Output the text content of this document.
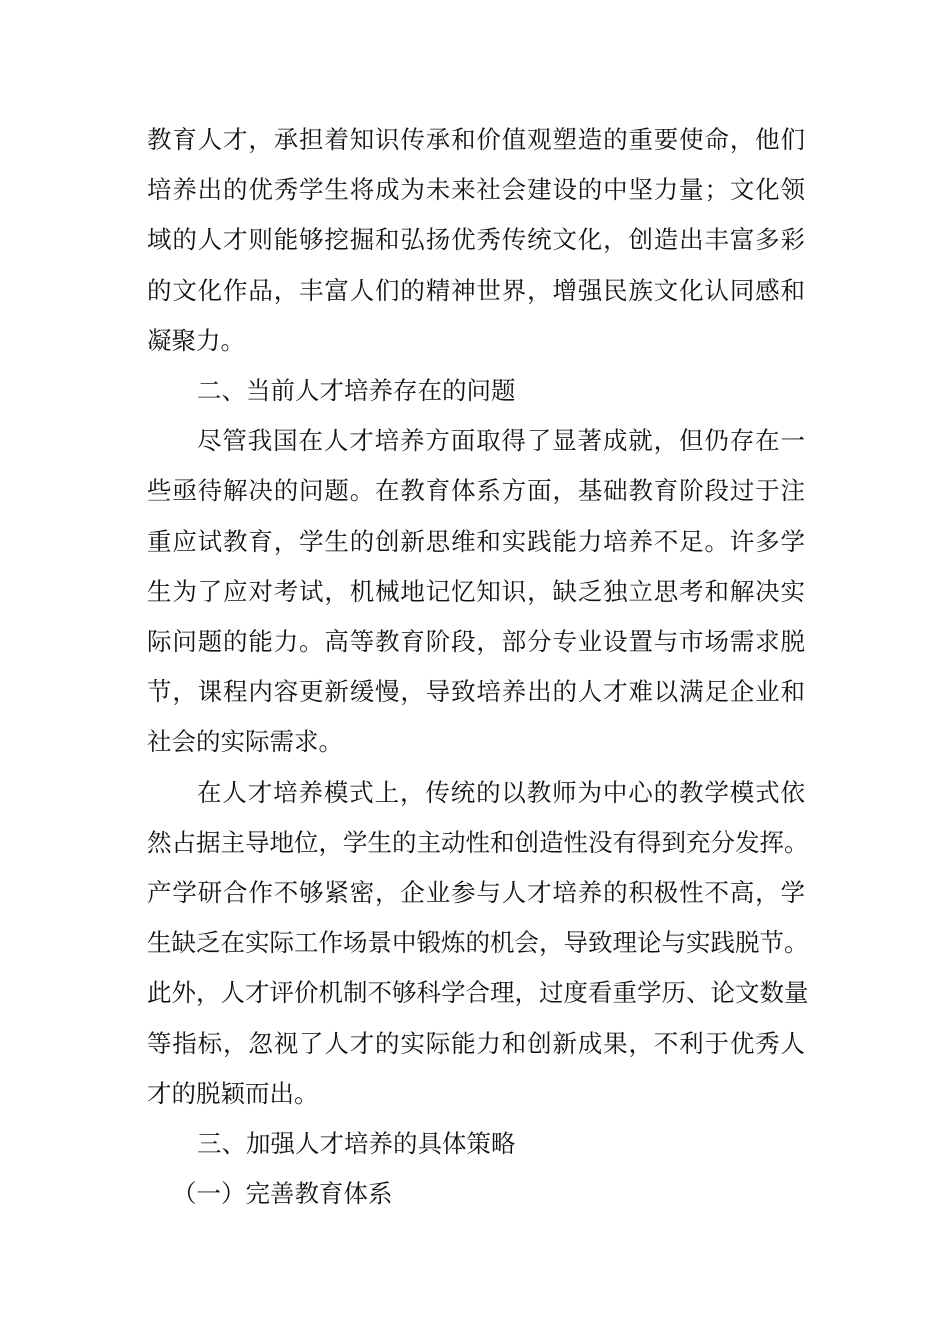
教育人才，承担着知识传承和价值观塑造的重要使命，他们
培养出的优秀学生将成为未来社会建设的中坚力量；文化领
域的人才则能够挖掘和弘扬优秀传统文化，创造出丰富多彩
的文化作品，丰富人们的精神世界，增强民族文化认同感和
凝聚力。
二、当前人才培养存在的问题
尽管我国在人才培养方面取得了显著成就，但仍存在一
些亟待解决的问题。在教育体系方面，基础教育阶段过于注
重应试教育，学生的创新思维和实践能力培养不足。许多学
生为了应对考试，机械地记忆知识，缺乏独立思考和解决实
际问题的能力。高等教育阶段，部分专业设置与市场需求脱
节，课程内容更新缓慢，导致培养出的人才难以满足企业和
社会的实际需求。
在人才培养模式上，传统的以教师为中心的教学模式依
然占据主导地位，学生的主动性和创造性没有得到充分发挥。
产学研合作不够紧密，企业参与人才培养的积极性不高，学
生缺乏在实际工作场景中锻炼的机会，导致理论与实践脱节。
此外，人才评价机制不够科学合理，过度看重学历、论文数量
等指标，忽视了人才的实际能力和创新成果，不利于优秀人
才的脱颖而出。
三、加强人才培养的具体策略
（一）完善教育体系
